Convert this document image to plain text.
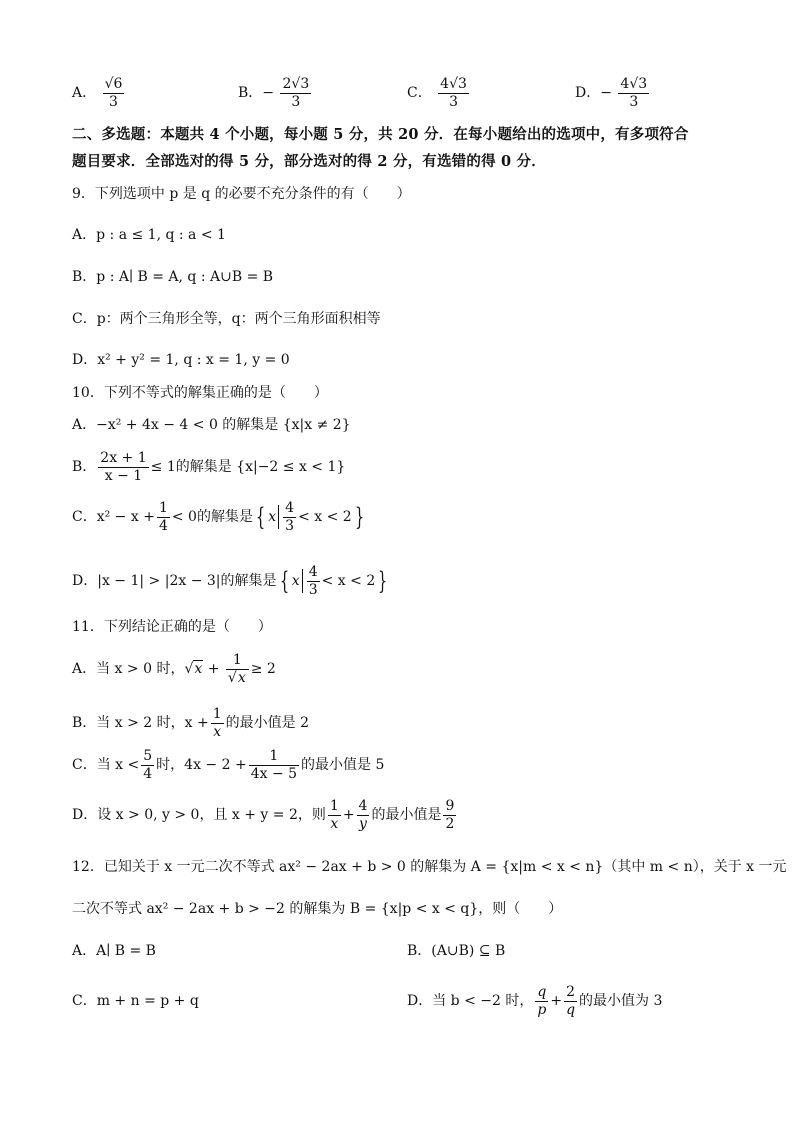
A． $\frac{√6}{3}$	B．− $\frac{2√3}{3}$	C． $\frac{4√3}{3}$	D．− $\frac{4√3}{3}$
二、多选题：本题共 4 个小题，每小题 5 分，共 20 分．在每小题给出的选项中，有多项符合
题目要求．全部选对的得 5 分，部分选对的得 2 分，有选错的得 0 分．
9．下列选项中 p 是 q 的必要不充分条件的有（　　）
A．p : a ≤ 1, q : a < 1
B．p : A∣ B = A, q : A∪B = B
C．p：两个三角形全等，q：两个三角形面积相等
D．x² + y² = 1, q : x = 1, y = 0
10．下列不等式的解集正确的是（　　）
A．−x² + 4x − 4 < 0 的解集是 {x|x ≠ 2}
B． $\frac{2x + 1}{x - 1} \le 1$的解集是 {x|−2 ≤ x < 1}
C．$x^2 - x + \frac{1}{4} < 0$的解集是 { x $\frac{4}{3} < x < 2$ }
D．|x − 1| > |2x − 3|的解集是 { x $\frac{4}{3} < x < 2$ }
11．下列结论正确的是（　　）
A．当 x > 0 时，$√x + \frac{1}{√x} \ge 2$
B．当 x > 2 时，$x + \frac{1}{x}$ 的最小值是 2
C．当 $x < \frac{5}{4}$ 时，$4x - 2 + \frac{1}{4x - 5}$ 的最小值是 5
D．设 x > 0, y > 0，且 x + y = 2，则 $\frac{1}{x} + \frac{4}{y}$ 的最小值是 $\frac{9}{2}$
12．已知关于 x 一元二次不等式 ax² − 2ax + b > 0 的解集为 A = {x|m < x < n}（其中 m < n），关于 x 一元
二次不等式 ax² − 2ax + b > −2 的解集为 B = {x|p < x < q}，则（　　）
A．A∣ B = B	B．(A∪B) ⊆ B
C．m + n = p + q	D．当 b < −2 时， $\frac{q}{p} + \frac{2}{q}$ 的最小值为 3
